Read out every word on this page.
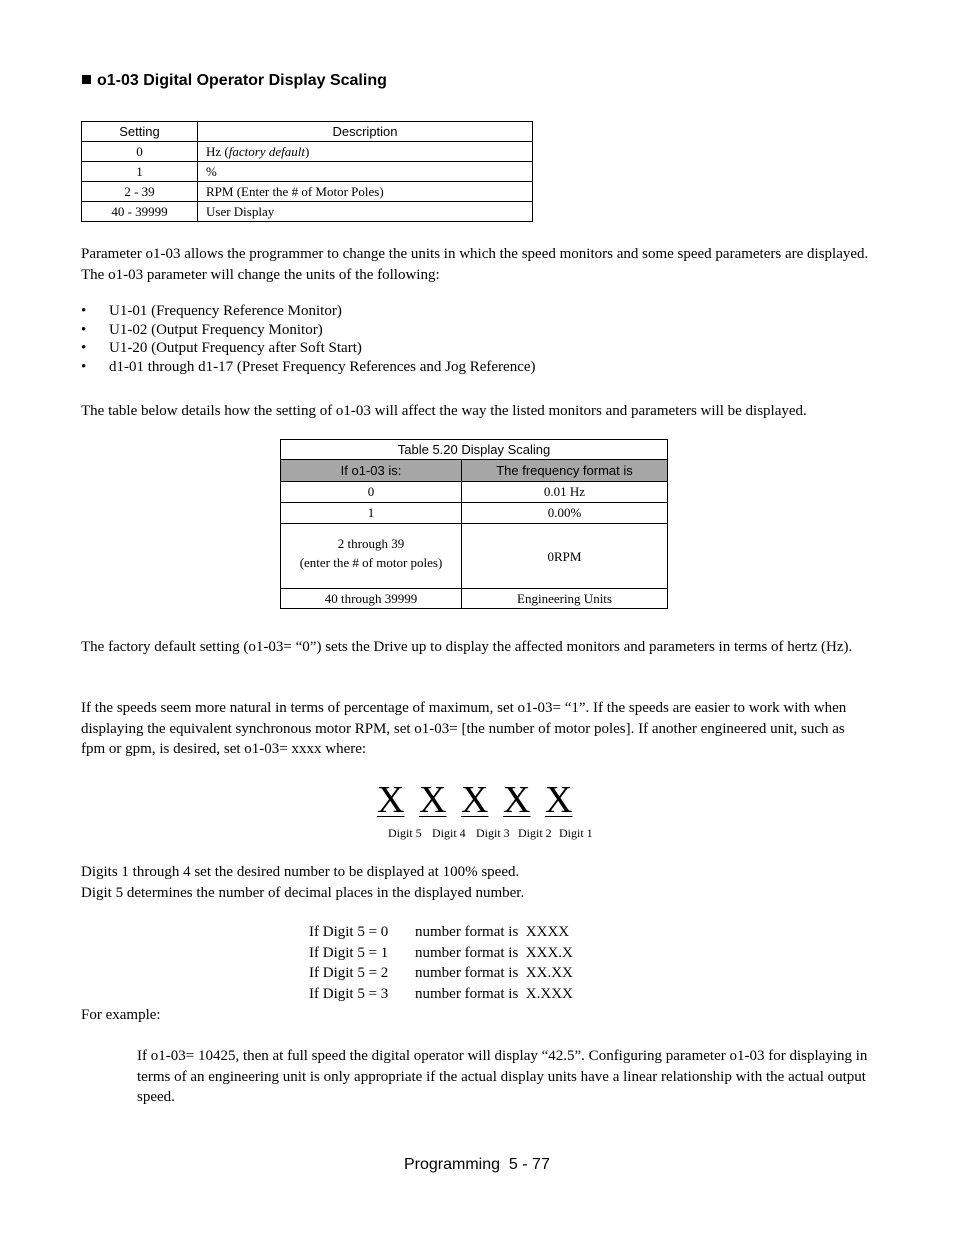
o1-03 Digital Operator Display Scaling
Setting	Description
0	Hz (factory default)
1	%
2 - 39	RPM (Enter the # of Motor Poles)
40 - 39999	User Display
Parameter o1-03 allows the programmer to change the units in which the speed monitors and some speed parameters are displayed. The o1-03 parameter will change the units of the following:
• U1-01 (Frequency Reference Monitor)
• U1-02 (Output Frequency Monitor)
• U1-20 (Output Frequency after Soft Start)
• d1-01 through d1-17 (Preset Frequency References and Jog Reference)
The table below details how the setting of o1-03 will affect the way the listed monitors and parameters will be displayed.
Table 5.20 Display Scaling	
If o1-03 is:	The frequency format is
0	0.01 Hz
1	0.00%

2 through 39
(enter the # of motor poles)	0RPM
40 through 39999	Engineering Units
The factory default setting (o1-03= “0”) sets the Drive up to display the affected monitors and parameters in terms of hertz (Hz).
If the speeds seem more natural in terms of percentage of maximum, set o1-03= “1”. If the speeds are easier to work with when displaying the equivalent synchronous motor RPM, set o1-03= [the number of motor poles]. If another engineered unit, such as fpm or gpm, is desired, set o1-03= xxxx where:
X X X X X
Digit 5 Digit 4 Digit 3 Digit 2 Digit 1
Digits 1 through 4 set the desired number to be displayed at 100% speed.
Digit 5 determines the number of decimal places in the displayed number.
If Digit 5 = 0	number format is  XXXX
If Digit 5 = 1	number format is  XXX.X
If Digit 5 = 2	number format is  XX.XX
If Digit 5 = 3	number format is  X.XXX
For example:
If o1-03= 10425, then at full speed the digital operator will display “42.5”. Configuring parameter o1-03 for displaying in terms of an engineering unit is only appropriate if the actual display units have a linear relationship with the actual output speed.
Programming  5 - 77
